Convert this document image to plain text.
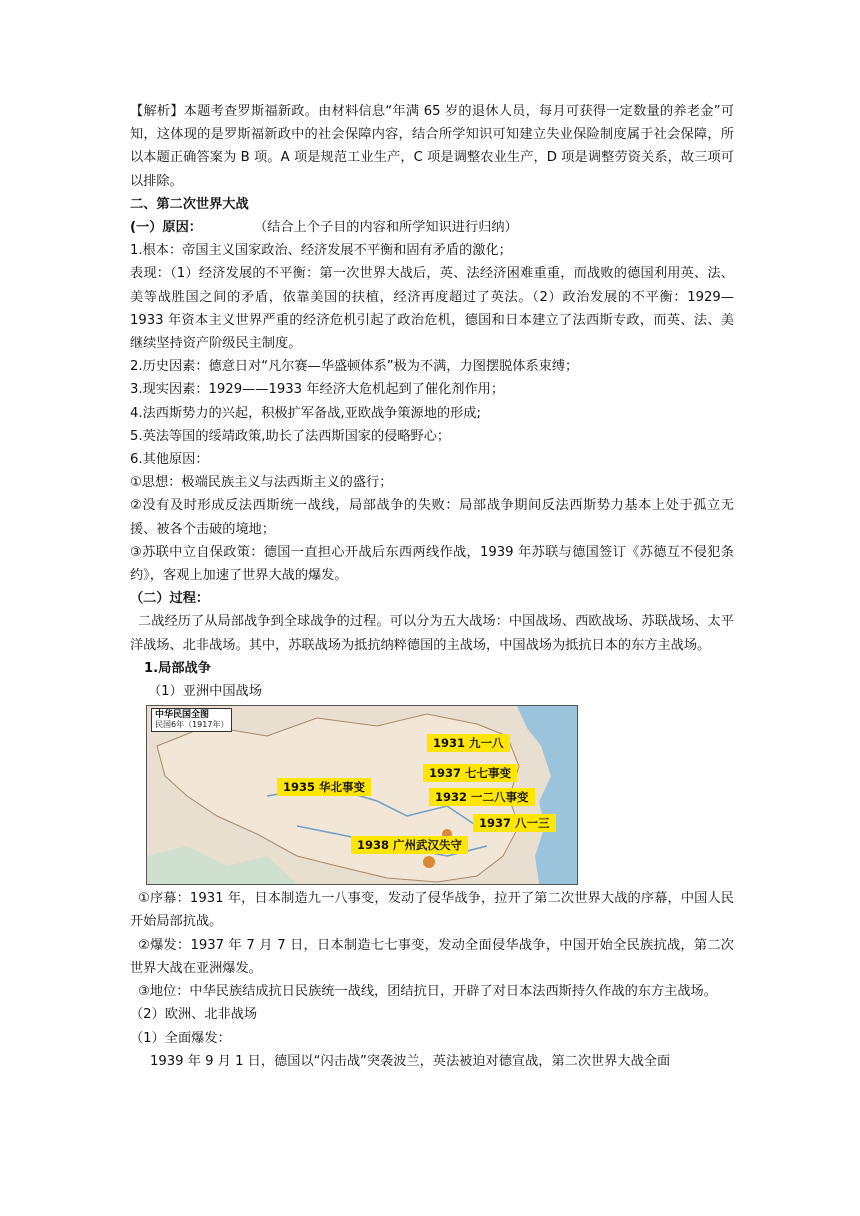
【解析】本题考查罗斯福新政。由材料信息“年满 65 岁的退休人员，每月可获得一定数量的养老金”可知，这体现的是罗斯福新政中的社会保障内容，结合所学知识可知建立失业保险制度属于社会保障，所以本题正确答案为 B 项。A 项是规范工业生产，C 项是调整农业生产，D 项是调整劳资关系，故三项可以排除。

二、第二次世界大战

(一）原因：	（结合上个子目的内容和所学知识进行归纳）

1.根本：帝国主义国家政治、经济发展不平衡和固有矛盾的激化；

表现：（1）经济发展的不平衡：第一次世界大战后，英、法经济困难重重，而战败的德国利用英、法、美等战胜国之间的矛盾，依靠美国的扶植，经济再度超过了英法。（2）政治发展的不平衡：1929—1933 年资本主义世界严重的经济危机引起了政治危机，德国和日本建立了法西斯专政，而英、法、美继续坚持资产阶级民主制度。

2.历史因素：德意日对“凡尔赛—华盛顿体系”极为不满，力图摆脱体系束缚；

3.现实因素：1929——1933 年经济大危机起到了催化剂作用；

4.法西斯势力的兴起，积极扩军备战,亚欧战争策源地的形成;

5.英法等国的绥靖政策,助长了法西斯国家的侵略野心；

6.其他原因：

①思想：极端民族主义与法西斯主义的盛行；

②没有及时形成反法西斯统一战线，局部战争的失败：局部战争期间反法西斯势力基本上处于孤立无援、被各个击破的境地；

③苏联中立自保政策：德国一直担心开战后东西两线作战，1939 年苏联与德国签订《苏德互不侵犯条约》，客观上加速了世界大战的爆发。

（二）过程：

二战经历了从局部战争到全球战争的过程。可以分为五大战场：中国战场、西欧战场、苏联战场、太平洋战场、北非战场。其中，苏联战场为抵抗纳粹德国的主战场，中国战场为抵抗日本的东方主战场。

1.局部战争

（1）亚洲中国战场

中华民国全图
民国6年（1917年）
1931 九一八
1937 七七事变
1935 华北事变
1932 一二八事变
1937 八一三
1938 广州武汉失守

①序幕：1931 年，日本制造九一八事变，发动了侵华战争，拉开了第二次世界大战的序幕，中国人民开始局部抗战。

②爆发：1937 年 7 月 7 日，日本制造七七事变，发动全面侵华战争，中国开始全民族抗战，第二次世界大战在亚洲爆发。

③地位：中华民族结成抗日民族统一战线，团结抗日，开辟了对日本法西斯持久作战的东方主战场。

（2）欧洲、北非战场

（1）全面爆发：

1939 年 9 月 1 日，德国以“闪击战”突袭波兰，英法被迫对德宣战，第二次世界大战全面
